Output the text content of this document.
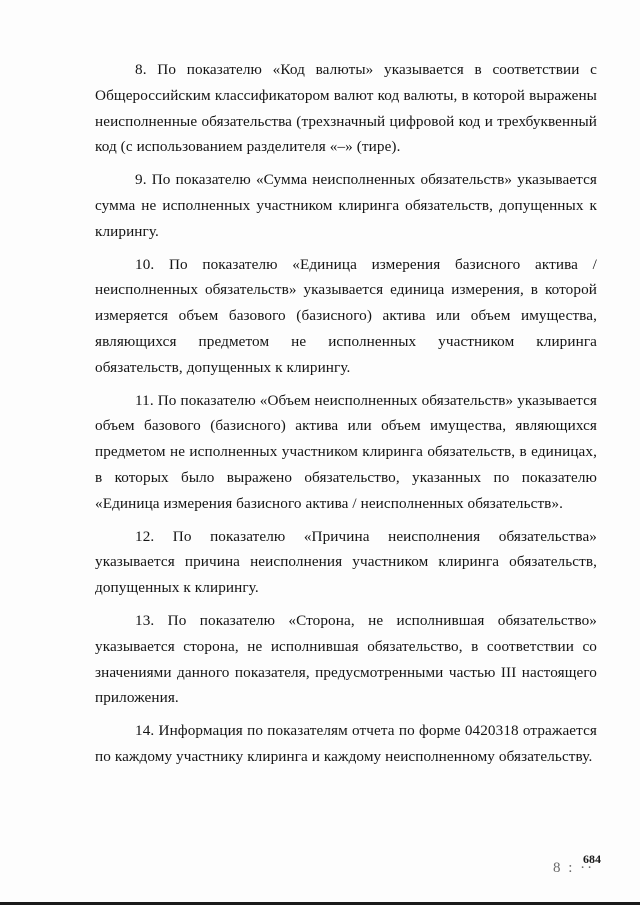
8. По показателю «Код валюты» указывается в соответствии с Общероссийским классификатором валют код валюты, в которой выражены неисполненные обязательства (трехзначный цифровой код и трехбуквенный код (с использованием разделителя «–» (тире).

9. По показателю «Сумма неисполненных обязательств» указывается сумма не исполненных участником клиринга обязательств, допущенных к клирингу.

10. По показателю «Единица измерения базисного актива / неисполненных обязательств» указывается единица измерения, в которой измеряется объем базового (базисного) актива или объем имущества, являющихся предметом не исполненных участником клиринга обязательств, допущенных к клирингу.

11. По показателю «Объем неисполненных обязательств» указывается объем базового (базисного) актива или объем имущества, являющихся предметом не исполненных участником клиринга обязательств, в единицах, в которых было выражено обязательство, указанных по показателю «Единица измерения базисного актива / неисполненных обязательств».

12. По показателю «Причина неисполнения обязательства» указывается причина неисполнения участником клиринга обязательств, допущенных к клирингу.

13. По показателю «Сторона, не исполнившая обязательство» указывается сторона, не исполнившая обязательство, в соответствии со значениями данного показателя, предусмотренными частью III настоящего приложения.

14. Информация по показателям отчета по форме 0420318 отражается по каждому участнику клиринга и каждому неисполненному обязательству.

8 : ··
684
